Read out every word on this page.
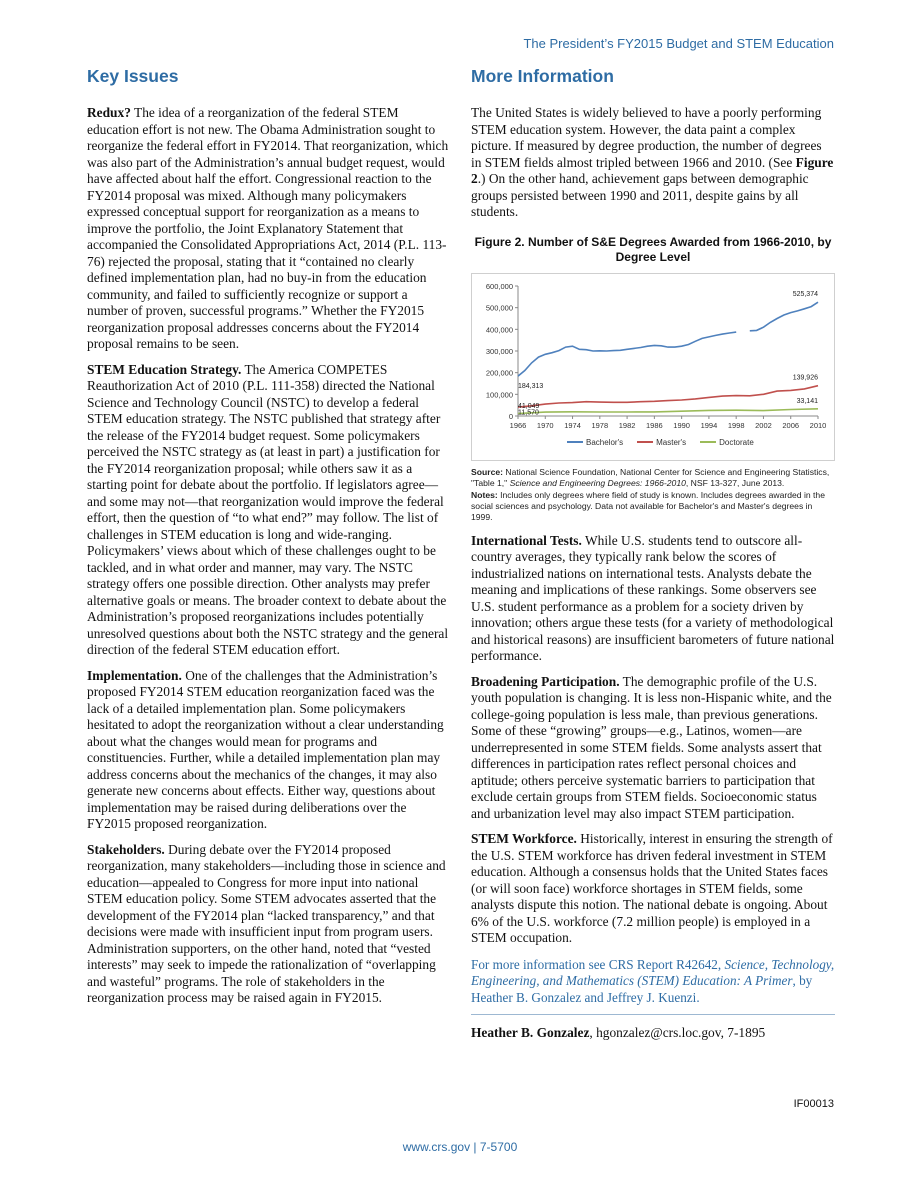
The President’s FY2015 Budget and STEM Education
Key Issues

Redux? The idea of a reorganization of the federal STEM education effort is not new. The Obama Administration sought to reorganize the federal effort in FY2014. That reorganization, which was also part of the Administration’s annual budget request, would have affected about half the effort. Congressional reaction to the FY2014 proposal was mixed. Although many policymakers expressed conceptual support for reorganization as a means to improve the portfolio, the Joint Explanatory Statement that accompanied the Consolidated Appropriations Act, 2014 (P.L. 113-76) rejected the proposal, stating that it “contained no clearly defined implementation plan, had no buy-in from the education community, and failed to sufficiently recognize or support a number of proven, successful programs.” Whether the FY2015 reorganization proposal addresses concerns about the FY2014 proposal remains to be seen.

STEM Education Strategy. The America COMPETES Reauthorization Act of 2010 (P.L. 111-358) directed the National Science and Technology Council (NSTC) to develop a federal STEM education strategy. The NSTC published that strategy after the release of the FY2014 budget request. Some policymakers perceived the NSTC strategy as (at least in part) a justification for the FY2014 reorganization proposal; while others saw it as a starting point for debate about the portfolio. If legislators agree—and some may not—that reorganization would improve the federal effort, then the question of “to what end?” may follow. The list of challenges in STEM education is long and wide-ranging. Policymakers’ views about which of these challenges ought to be tackled, and in what order and manner, may vary. The NSTC strategy offers one possible direction. Other analysts may prefer alternative goals or means. The broader context to debate about the Administration’s proposed reorganizations includes potentially unresolved questions about both the NSTC strategy and the general direction of the federal STEM education effort.

Implementation. One of the challenges that the Administration’s proposed FY2014 STEM education reorganization faced was the lack of a detailed implementation plan. Some policymakers hesitated to adopt the reorganization without a clear understanding about what the changes would mean for programs and constituencies. Further, while a detailed implementation plan may address concerns about the mechanics of the changes, it may also generate new concerns about effects. Either way, questions about implementation may be raised during deliberations over the FY2015 proposed reorganization.

Stakeholders. During debate over the FY2014 proposed reorganization, many stakeholders—including those in science and education—appealed to Congress for more input into national STEM education policy. Some STEM advocates asserted that the development of the FY2014 plan “lacked transparency,” and that decisions were made with insufficient input from program users. Administration supporters, on the other hand, noted that “vested interests” may seek to impede the rationalization of “overlapping and wasteful” programs. The role of stakeholders in the reorganization process may be raised again in FY2015.

More Information

The United States is widely believed to have a poorly performing STEM education system. However, the data paint a complex picture. If measured by degree production, the number of degrees in STEM fields almost tripled between 1966 and 2010. (See Figure 2.) On the other hand, achievement gaps between demographic groups persisted between 1990 and 2011, despite gains by all students.

Figure 2. Number of S&E Degrees Awarded from 1966-2010, by Degree Level
0
100,000
200,000
300,000
400,000
500,000
600,000
1966 1970 1974 1978 1982 1986 1990 1994 1998 2002 2006 2010
525,374
184,313
139,926
41,049
33,141
11,570
Bachelor's	Master's	Doctorate
Source: National Science Foundation, National Center for Science and Engineering Statistics, "Table 1," Science and Engineering Degrees: 1966-2010, NSF 13-327, June 2013.
Notes: Includes only degrees where field of study is known. Includes degrees awarded in the social sciences and psychology. Data not available for Bachelor's and Master's degrees in 1999.

International Tests. While U.S. students tend to outscore all-country averages, they typically rank below the scores of industrialized nations on international tests. Analysts debate the meaning and implications of these rankings. Some observers see U.S. student performance as a problem for a society driven by innovation; others argue these tests (for a variety of methodological and historical reasons) are insufficient barometers of future national performance.

Broadening Participation. The demographic profile of the U.S. youth population is changing. It is less non-Hispanic white, and the college-going population is less male, than previous generations. Some of these “growing” groups—e.g., Latinos, women—are underrepresented in some STEM fields. Some analysts assert that differences in participation rates reflect personal choices and aptitude; others perceive systematic barriers to participation that exclude certain groups from STEM fields. Socioeconomic status and urbanization level may also impact STEM participation.

STEM Workforce. Historically, interest in ensuring the strength of the U.S. STEM workforce has driven federal investment in STEM education. Although a consensus holds that the United States faces (or will soon face) workforce shortages in STEM fields, some analysts dispute this notion. The national debate is ongoing. About 6% of the U.S. workforce (7.2 million people) is employed in a STEM occupation.

For more information see CRS Report R42642, Science, Technology, Engineering, and Mathematics (STEM) Education: A Primer, by Heather B. Gonzalez and Jeffrey J. Kuenzi.

Heather B. Gonzalez, hgonzalez@crs.loc.gov, 7-1895

IF00013
www.crs.gov | 7-5700
